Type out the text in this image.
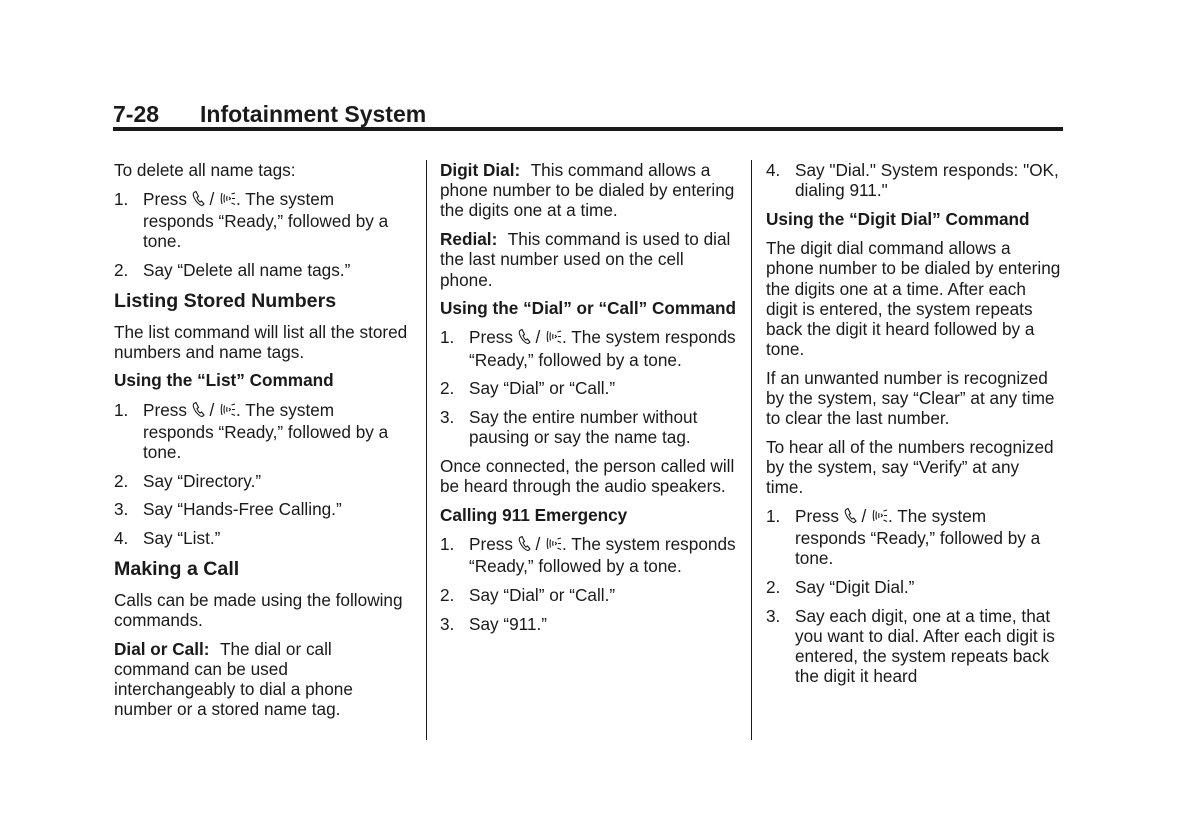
7-28 Infotainment System

To delete all name tags:

1. Press  / . The system responds “Ready,” followed by a tone.
2. Say “Delete all name tags.”
Listing Stored Numbers

The list command will list all the stored numbers and name tags.

Using the “List” Command
1. Press  / . The system responds “Ready,” followed by a tone.
2. Say “Directory.”
3. Say “Hands-Free Calling.”
4. Say “List.”
Making a Call

Calls can be made using the following commands.

Dial or Call: The dial or call command can be used interchangeably to dial a phone number or a stored name tag.

Digit Dial: This command allows a phone number to be dialed by entering the digits one at a time.

Redial: This command is used to dial the last number used on the cell phone.

Using the “Dial” or “Call” Command
1. Press  / . The system responds “Ready,” followed by a tone.
2. Say “Dial” or “Call.”
3. Say the entire number without pausing or say the name tag.

Once connected, the person called will be heard through the audio speakers.

Calling 911 Emergency
1. Press  / . The system responds “Ready,” followed by a tone.
2. Say “Dial” or “Call.”
3. Say “911.”
4. Say "Dial." System responds: "OK, dialing 911."
Using the “Digit Dial” Command

The digit dial command allows a phone number to be dialed by entering the digits one at a time. After each digit is entered, the system repeats back the digit it heard followed by a tone.

If an unwanted number is recognized by the system, say “Clear” at any time to clear the last number.

To hear all of the numbers recognized by the system, say “Verify” at any time.

1. Press  / . The system responds “Ready,” followed by a tone.
2. Say “Digit Dial.”
3. Say each digit, one at a time, that you want to dial. After each digit is entered, the system repeats back the digit it heard
